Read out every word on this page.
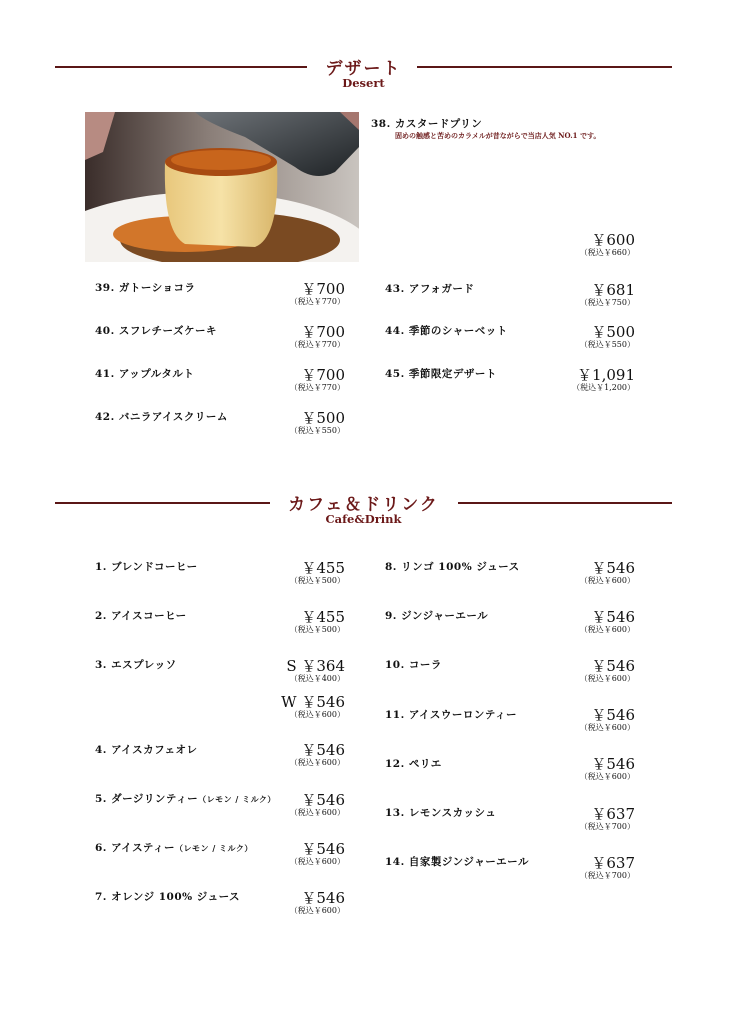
デザート
Desert
38. カスタードプリン
固めの触感と苦めのカラメルが昔ながらで当店人気 NO.1 です。
￥600
（税込￥660）
39. ガトーショコラ	￥700
（税込￥770）
40. スフレチーズケーキ	￥700
（税込￥770）
41. アップルタルト	￥700
（税込￥770）
42. バニラアイスクリーム	￥500
（税込￥550）
43. アフォガード	￥681
（税込￥750）
44. 季節のシャーベット	￥500
（税込￥550）
45. 季節限定デザート	￥1,091
（税込￥1,200）
カフェ＆ドリンク
Cafe&Drink
1. ブレンドコーヒー	￥455
（税込￥500）
2. アイスコーヒー	￥455
（税込￥500）
3. エスプレッソ	S ￥364
（税込￥400）
W ￥546
（税込￥600）
4. アイスカフェオレ	￥546
（税込￥600）
5. ダージリンティー（レモン / ミルク）	￥546
（税込￥600）
6. アイスティー（レモン / ミルク）	￥546
（税込￥600）
7. オレンジ 100% ジュース	￥546
（税込￥600）
8. リンゴ 100% ジュース	￥546
（税込￥600）
9. ジンジャーエール	￥546
（税込￥600）
10. コーラ	￥546
（税込￥600）
11. アイスウーロンティー	￥546
（税込￥600）
12. ペリエ	￥546
（税込￥600）
13. レモンスカッシュ	￥637
（税込￥700）
14. 自家製ジンジャーエール	￥637
（税込￥700）
